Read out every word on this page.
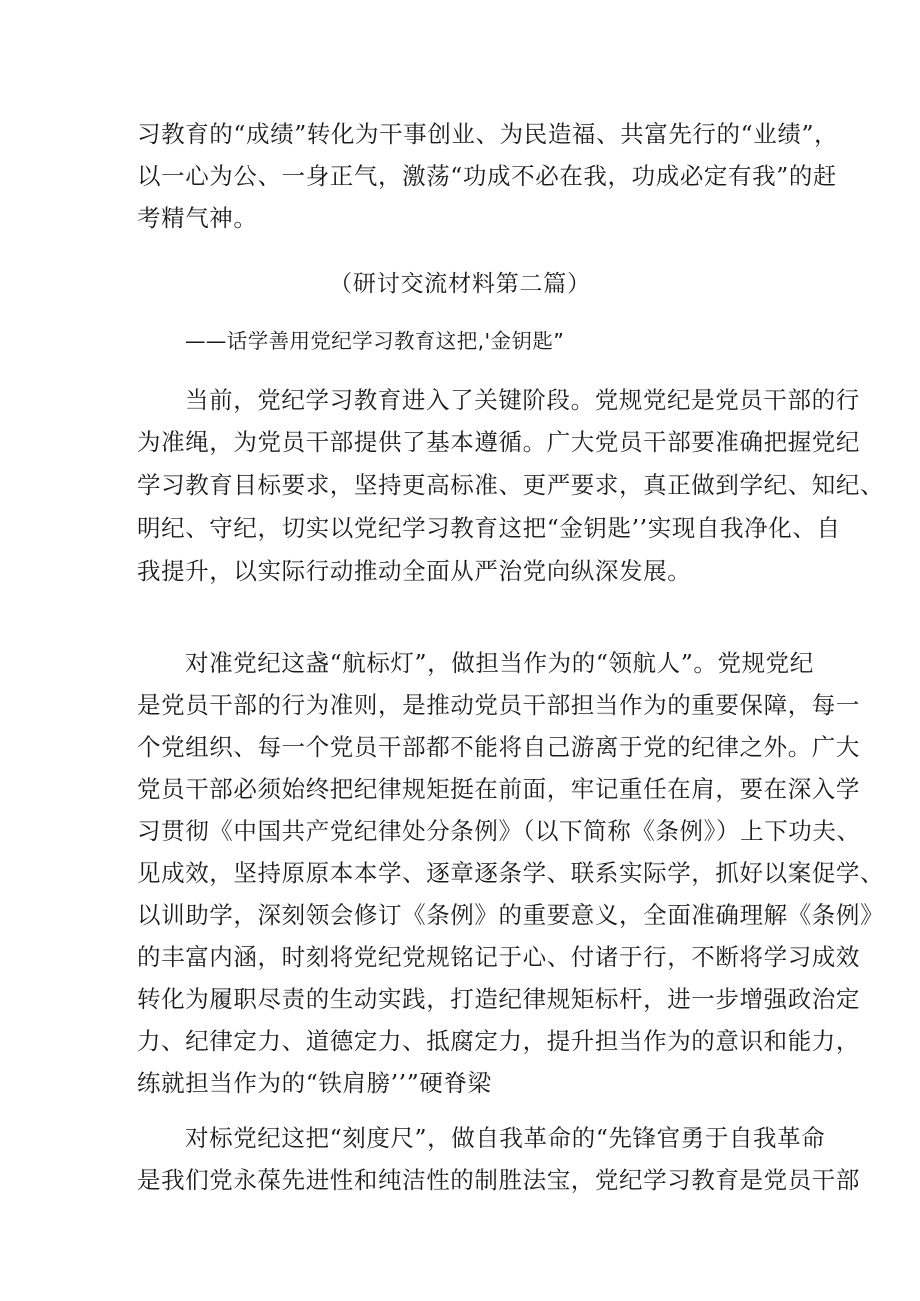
习教育的“成绩”转化为干事创业、为民造福、共富先行的“业绩”，
以一心为公、一身正气，激荡“功成不必在我，功成必定有我”的赶
考精气神。
（研讨交流材料第二篇）
——话学善用党纪学习教育这把,'金钥匙”
当前，党纪学习教育进入了关键阶段。党规党纪是党员干部的行
为准绳，为党员干部提供了基本遵循。广大党员干部要准确把握党纪
学习教育目标要求，坚持更高标准、更严要求，真正做到学纪、知纪、
明纪、守纪，切实以党纪学习教育这把“金钥匙’’实现自我净化、自
我提升，以实际行动推动全面从严治党向纵深发展。
对准党纪这盏“航标灯”，做担当作为的“领航人”。党规党纪
是党员干部的行为准则，是推动党员干部担当作为的重要保障，每一
个党组织、每一个党员干部都不能将自己游离于党的纪律之外。广大
党员干部必须始终把纪律规矩挺在前面，牢记重任在肩，要在深入学
习贯彻《中国共产党纪律处分条例》（以下简称《条例》）上下功夫、
见成效，坚持原原本本学、逐章逐条学、联系实际学，抓好以案促学、
以训助学，深刻领会修订《条例》的重要意义，全面准确理解《条例》
的丰富内涵，时刻将党纪党规铭记于心、付诸于行，不断将学习成效
转化为履职尽责的生动实践，打造纪律规矩标杆，进一步增强政治定
力、纪律定力、道德定力、抵腐定力，提升担当作为的意识和能力，
练就担当作为的“铁肩膀’’”硬脊梁
对标党纪这把“刻度尺”，做自我革命的“先锋官勇于自我革命
是我们党永葆先进性和纯洁性的制胜法宝，党纪学习教育是党员干部
